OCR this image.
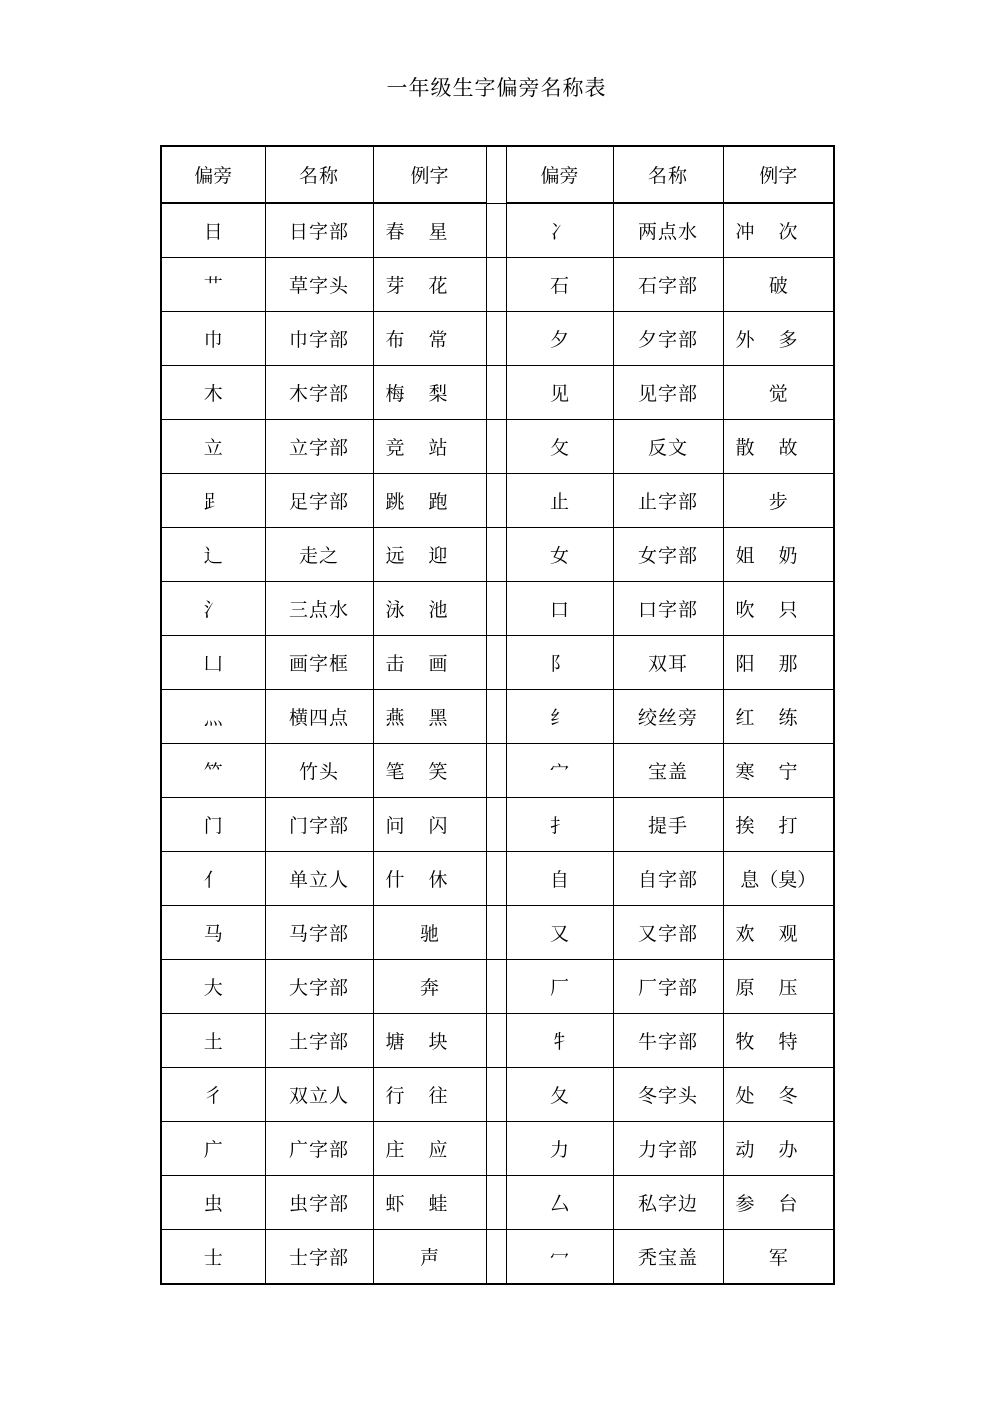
一年级生字偏旁名称表
偏旁	名称	例字		偏旁	名称	例字
日	日字部	春 星		冫	两点水	冲 次

艹	草字头	芽 花		石	石字部	破
巾	巾字部	布 常		夕	夕字部	外 多

木	木字部	梅 梨		见	见字部	觉
立	立字部	竞 站		攵	反文	散 故

𧾷	足字部	跳 跑		止	止字部	步
辶	走之	远 迎		女	女字部	姐 奶

氵	三点水	泳 池		口	口字部	吹 只

凵	画字框	击 画		阝	双耳	阳 那

灬	横四点	燕 黑		纟	绞丝旁	红 练

𥫗	竹头	笔 笑		宀	宝盖	寒 宁

门	门字部	问 闪		扌	提手	挨 打

亻	单立人	什 休		自	自字部	息（臭）
马	马字部	驰		又	又字部	欢 观

大	大字部	奔		厂	厂字部	原 压

土	土字部	塘 块		牜	牛字部	牧 特

彳	双立人	行 往		夂	冬字头	处 冬

广	广字部	庄 应		力	力字部	动 办

虫	虫字部	虾 蛙		厶	私字边	参 台

士	士字部	声		冖	秃宝盖	军
